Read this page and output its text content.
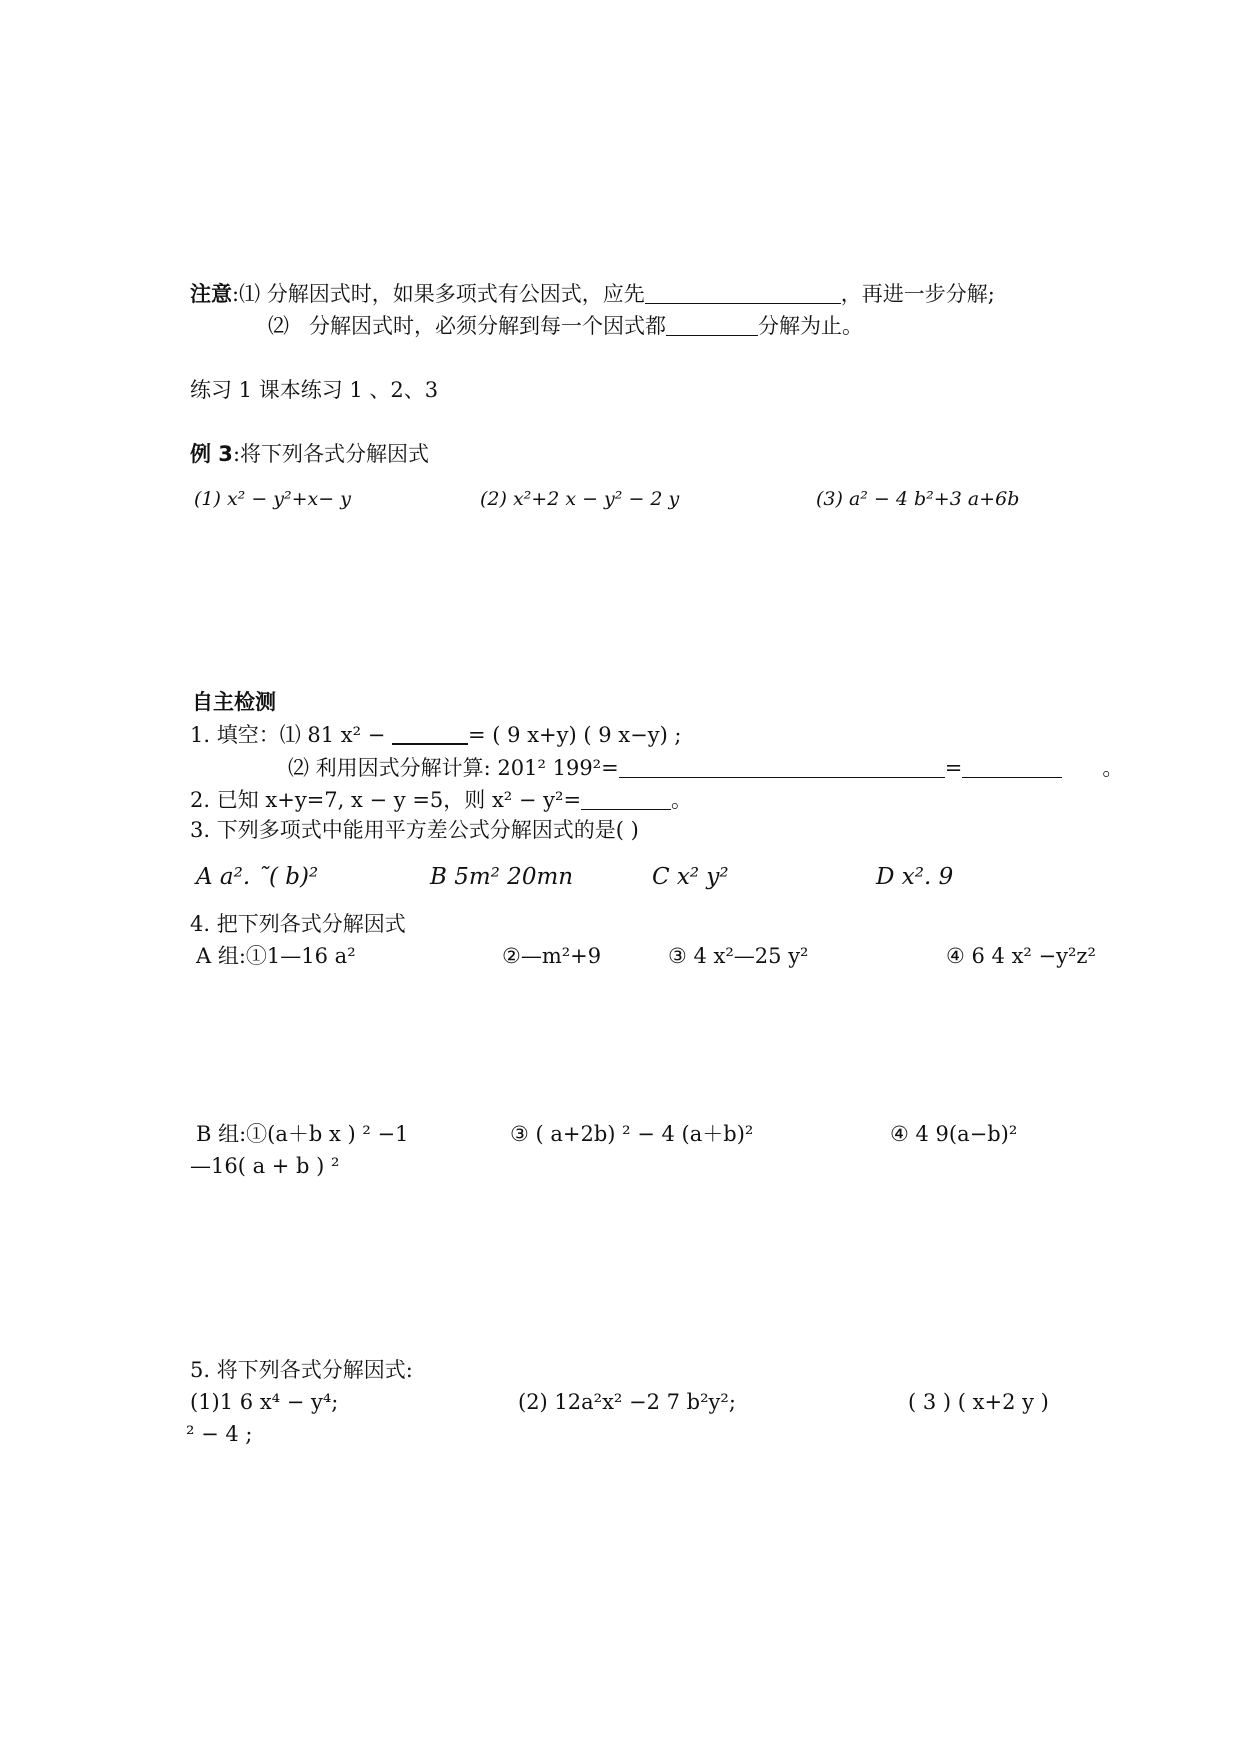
注意:⑴ 分解因式时，如果多项式有公因式，应先	，再进一步分解;
⑵ 分解因式时，必须分解到每一个因式都	分解为止。
练习 1 课本练习 1 、2、3
例 3:将下列各式分解因式
(1) x² − y²+x− y	(2) x²+2 x − y² − 2 y	(3) a² − 4 b²+3 a+6b
自主检测
1. 填空：⑴ 81 x² −	= ( 9 x+y) ( 9 x−y) ;
⑵ 利用因式分解计算: 201² 199²=	=	。
2. 已知 x+y=7, x − y =5，则 x² − y²=	。
3. 下列多项式中能用平方差公式分解因式的是( )
A a². ˜( b)²	B 5m² 20mn	C x² y²	D x². 9
4. 把下列各式分解因式
A 组:①1—16 a²	②—m²+9	③ 4 x²—25 y²	④ 6 4 x² −y²z²
B 组:①(a＋b x ) ² −1	③ ( a+2b) ² − 4 (a＋b)²	④ 4 9(a−b)²
—16( a + b ) ²
5. 将下列各式分解因式:
(1)1 6 x⁴ − y⁴;	(2) 12a²x² −2 7 b²y²;	( 3 ) ( x+2 y )
² − 4 ;
